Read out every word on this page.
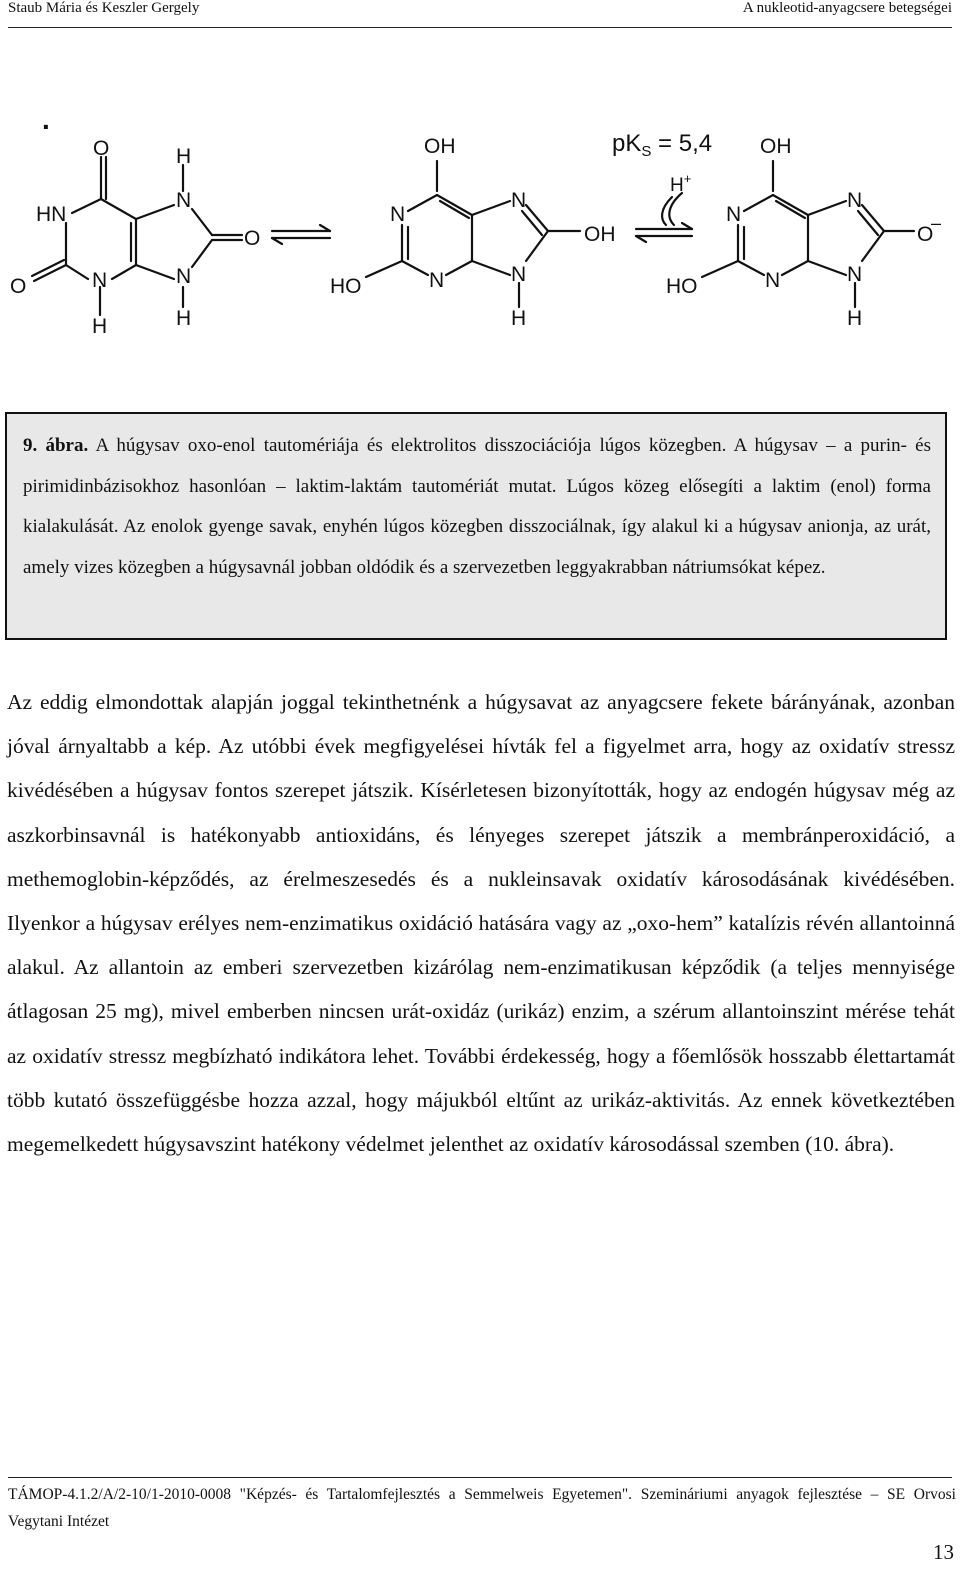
Staub Mária és Keszler Gergely	A nukleotid-anyagcsere betegségei
.
O	H
N
HN
O
O	N	N
H	H
OH
N
N
OH
HO	N	N
H
$pK_S = 5,4$
H+
OH
N
N
O
–
HO	N	N
H
9. ábra. A húgysav oxo-enol tautomériája és elektrolitos disszociációja lúgos közegben. A húgysav – a purin- és pirimidinbázisokhoz hasonlóan – laktim-laktám tautomériát mutat. Lúgos közeg elősegíti a laktim (enol) forma kialakulását. Az enolok gyenge savak, enyhén lúgos közegben disszociálnak, így alakul ki a húgysav anionja, az urát, amely vizes közegben a húgysavnál jobban oldódik és a szervezetben leggyakrabban nátriumsókat képez.

Az eddig elmondottak alapján joggal tekinthetnénk a húgysavat az anyagcsere fekete bárányának, azonban jóval árnyaltabb a kép. Az utóbbi évek megfigyelései hívták fel a figyelmet arra, hogy az oxidatív stressz kivédésében a húgysav fontos szerepet játszik. Kísérletesen bizonyították, hogy az endogén húgysav még az aszkorbinsavnál is hatékonyabb antioxidáns, és lényeges szerepet játszik a membránperoxidáció, a methemoglobin-képződés, az érelmeszesedés és a nukleinsavak oxidatív károsodásának kivédésében. Ilyenkor a húgysav erélyes nem-enzimatikus oxidáció hatására vagy az „oxo-hem” katalízis révén allantoinná alakul. Az allantoin az emberi szervezetben kizárólag nem-enzimatikusan képződik (a teljes mennyisége átlagosan 25 mg), mivel emberben nincsen urát-oxidáz (urikáz) enzim, a szérum allantoinszint mérése tehát az oxidatív stressz megbízható indikátora lehet. További érdekesség, hogy a főemlősök hosszabb élettartamát több kutató összefüggésbe hozza azzal, hogy májukból eltűnt az urikáz-aktivitás. Az ennek következtében megemelkedett húgysavszint hatékony védelmet jelenthet az oxidatív károsodással szemben (10. ábra).

TÁMOP-4.1.2/A/2-10/1-2010-0008 "Képzés- és Tartalomfejlesztés a Semmelweis Egyetemen". Szemináriumi anyagok fejlesztése – SE Orvosi Vegytani Intézet
13
